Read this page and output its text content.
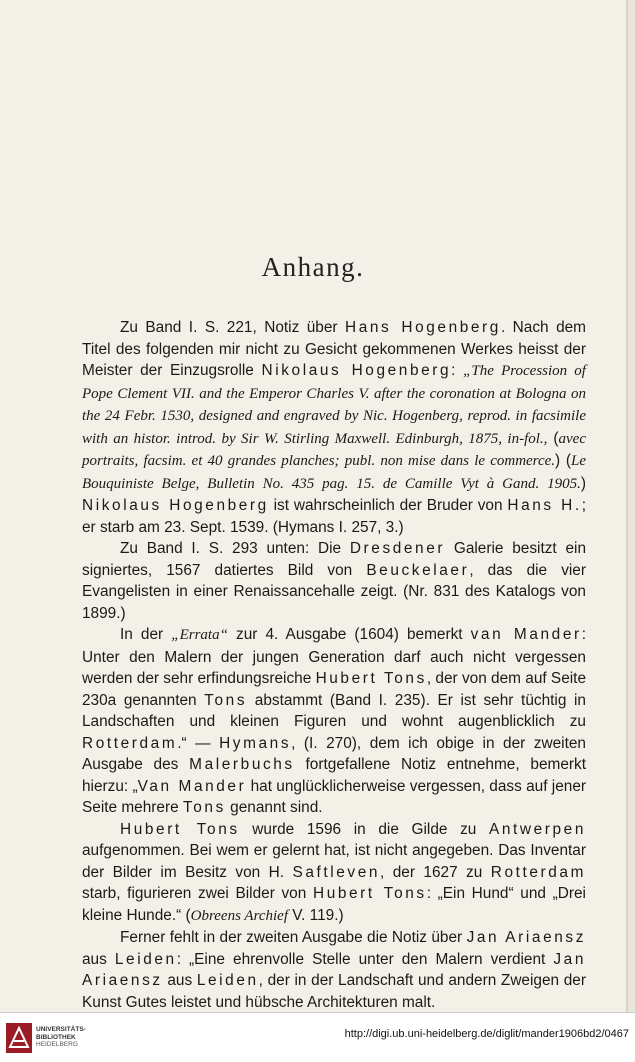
Anhang.

Zu Band I. S. 221, Notiz über Hans Hogenberg. Nach dem Titel des folgenden mir nicht zu Gesicht gekommenen Werkes heisst der Meister der Einzugsrolle Nikolaus Hogenberg: „The Procession of Pope Clement VII. and the Emperor Charles V. after the coronation at Bologna on the 24 Febr. 1530, designed and engraved by Nic. Hogenberg, reprod. in facsimile with an histor. introd. by Sir W. Stirling Maxwell. Edinburgh, 1875, in-fol., (avec portraits, facsim. et 40 grandes planches; publ. non mise dans le commerce.) (Le Bouquiniste Belge, Bulletin No. 435 pag. 15. de Camille Vyt à Gand. 1905.) Nikolaus Hogenberg ist wahrscheinlich der Bruder von Hans H.; er starb am 23. Sept. 1539. (Hymans I. 257, 3.)

Zu Band I. S. 293 unten: Die Dresdener Galerie besitzt ein signiertes, 1567 datiertes Bild von Beuckelaer, das die vier Evangelisten in einer Renaissancehalle zeigt. (Nr. 831 des Katalogs von 1899.)

In der „Errata“ zur 4. Ausgabe (1604) bemerkt van Mander: Unter den Malern der jungen Generation darf auch nicht vergessen werden der sehr erfindungsreiche Hubert Tons, der von dem auf Seite 230a genannten Tons abstammt (Band I. 235). Er ist sehr tüchtig in Landschaften und kleinen Figuren und wohnt augenblicklich zu Rotterdam.“ — Hymans, (I. 270), dem ich obige in der zweiten Ausgabe des Malerbuchs fortgefallene Notiz entnehme, bemerkt hierzu: „Van Mander hat unglücklicherweise vergessen, dass auf jener Seite mehrere Tons genannt sind.

Hubert Tons wurde 1596 in die Gilde zu Antwerpen aufgenommen. Bei wem er gelernt hat, ist nicht angegeben. Das Inventar der Bilder im Besitz von H. Saftleven, der 1627 zu Rotterdam starb, figurieren zwei Bilder von Hubert Tons: „Ein Hund“ und „Drei kleine Hunde.“ (Obreens Archief V. 119.)

Ferner fehlt in der zweiten Ausgabe die Notiz über Jan Ariaensz aus Leiden: „Eine ehrenvolle Stelle unter den Malern verdient Jan Ariaensz aus Leiden, der in der Landschaft und andern Zweigen der Kunst Gutes leistet und hübsche Architekturen malt.

UNIVERSITÄTS-
BIBLIOTHEK
HEIDELBERG
http://digi.ub.uni-heidelberg.de/diglit/mander1906bd2/0467
